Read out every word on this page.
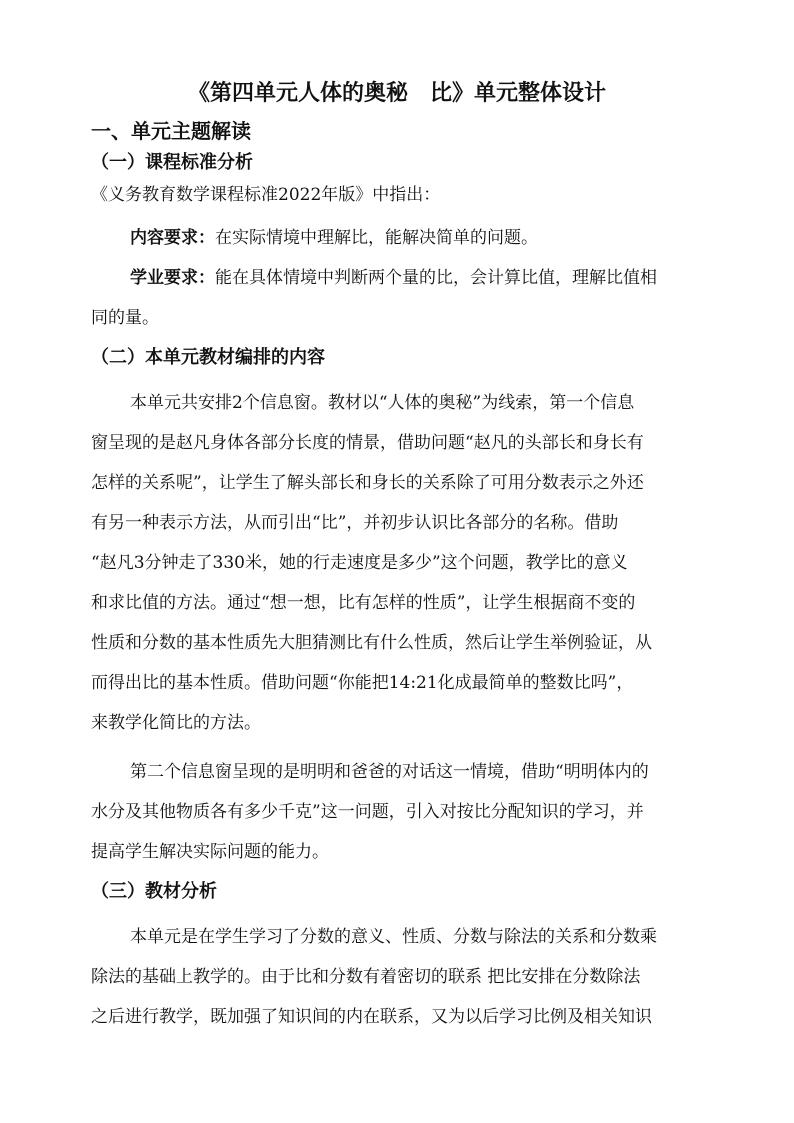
《第四单元人体的奥秘　比》单元整体设计
一、单元主题解读
（一）课程标准分析
《义务教育数学课程标准2022年版》中指出：
内容要求：在实际情境中理解比，能解决简单的问题。
学业要求：能在具体情境中判断两个量的比，会计算比值，理解比值相
同的量。
（二）本单元教材编排的内容
本单元共安排2个信息窗。教材以“人体的奥秘”为线索，第一个信息
窗呈现的是赵凡身体各部分长度的情景，借助问题“赵凡的头部长和身长有
怎样的关系呢”，让学生了解头部长和身长的关系除了可用分数表示之外还
有另一种表示方法，从而引出“比”，并初步认识比各部分的名称。借助
“赵凡3分钟走了330米，她的行走速度是多少”这个问题，教学比的意义
和求比值的方法。通过“想一想，比有怎样的性质”，让学生根据商不变的
性质和分数的基本性质先大胆猜测比有什么性质，然后让学生举例验证，从
而得出比的基本性质。借助问题“你能把14:21化成最简单的整数比吗”，
来教学化简比的方法。
第二个信息窗呈现的是明明和爸爸的对话这一情境，借助“明明体内的
水分及其他物质各有多少千克”这一问题，引入对按比分配知识的学习，并
提高学生解决实际问题的能力。
（三）教材分析
本单元是在学生学习了分数的意义、性质、分数与除法的关系和分数乘
除法的基础上教学的。由于比和分数有着密切的联系 把比安排在分数除法
之后进行教学，既加强了知识间的内在联系，又为以后学习比例及相关知识
